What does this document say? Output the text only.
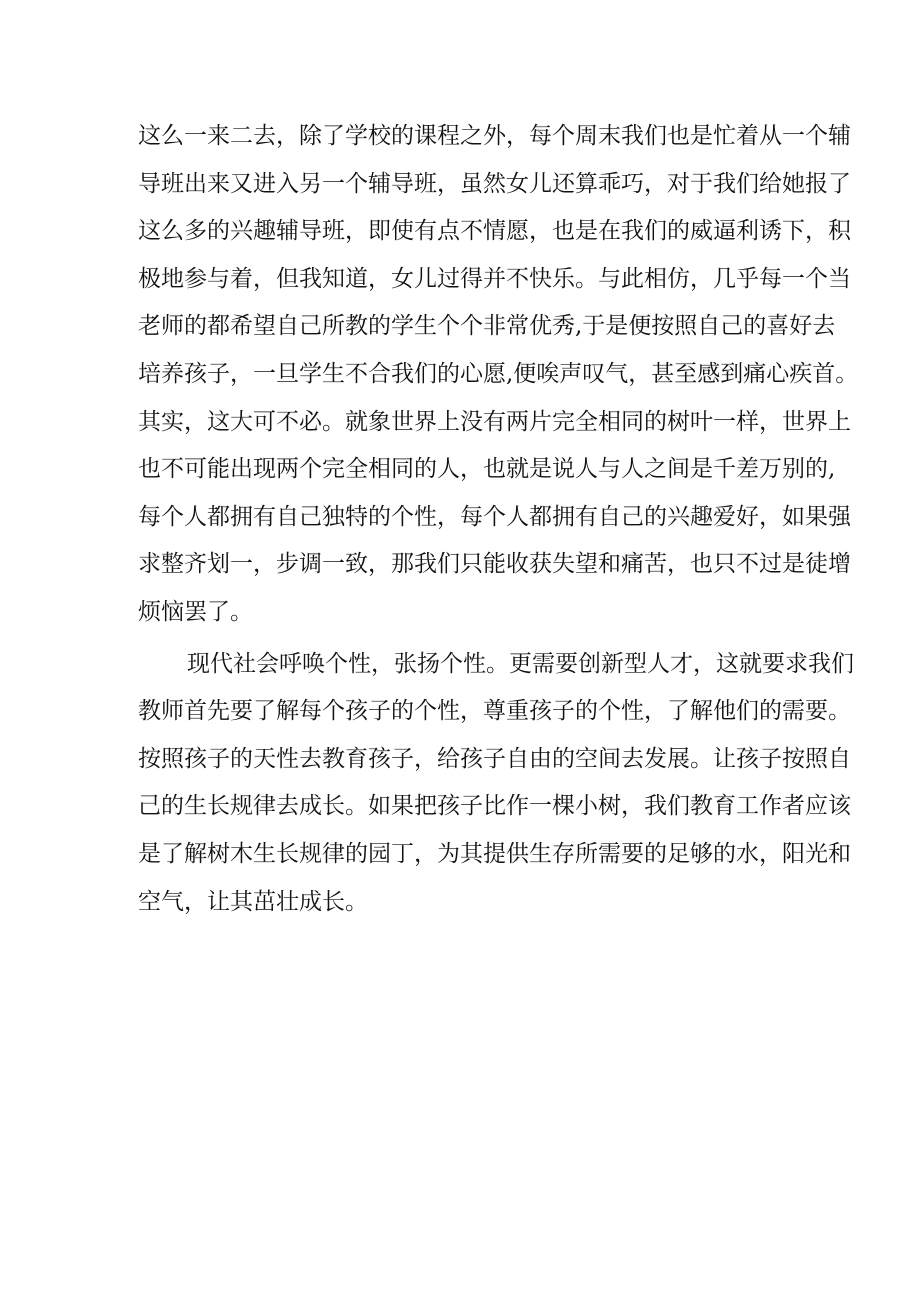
这么一来二去，除了学校的课程之外，每个周末我们也是忙着从一个辅
导班出来又进入另一个辅导班，虽然女儿还算乖巧，对于我们给她报了
这么多的兴趣辅导班，即使有点不情愿，也是在我们的威逼利诱下，积
极地参与着，但我知道，女儿过得并不快乐。与此相仿，几乎每一个当
老师的都希望自己所教的学生个个非常优秀,于是便按照自己的喜好去
培养孩子，一旦学生不合我们的心愿,便唉声叹气，甚至感到痛心疾首。
其实，这大可不必。就象世界上没有两片完全相同的树叶一样，世界上
也不可能出现两个完全相同的人，也就是说人与人之间是千差万别的,
每个人都拥有自己独特的个性，每个人都拥有自己的兴趣爱好，如果强
求整齐划一，步调一致，那我们只能收获失望和痛苦，也只不过是徒增
烦恼罢了。
现代社会呼唤个性，张扬个性。更需要创新型人才，这就要求我们
教师首先要了解每个孩子的个性，尊重孩子的个性，了解他们的需要。
按照孩子的天性去教育孩子，给孩子自由的空间去发展。让孩子按照自
己的生长规律去成长。如果把孩子比作一棵小树，我们教育工作者应该
是了解树木生长规律的园丁，为其提供生存所需要的足够的水，阳光和
空气，让其茁壮成长。
